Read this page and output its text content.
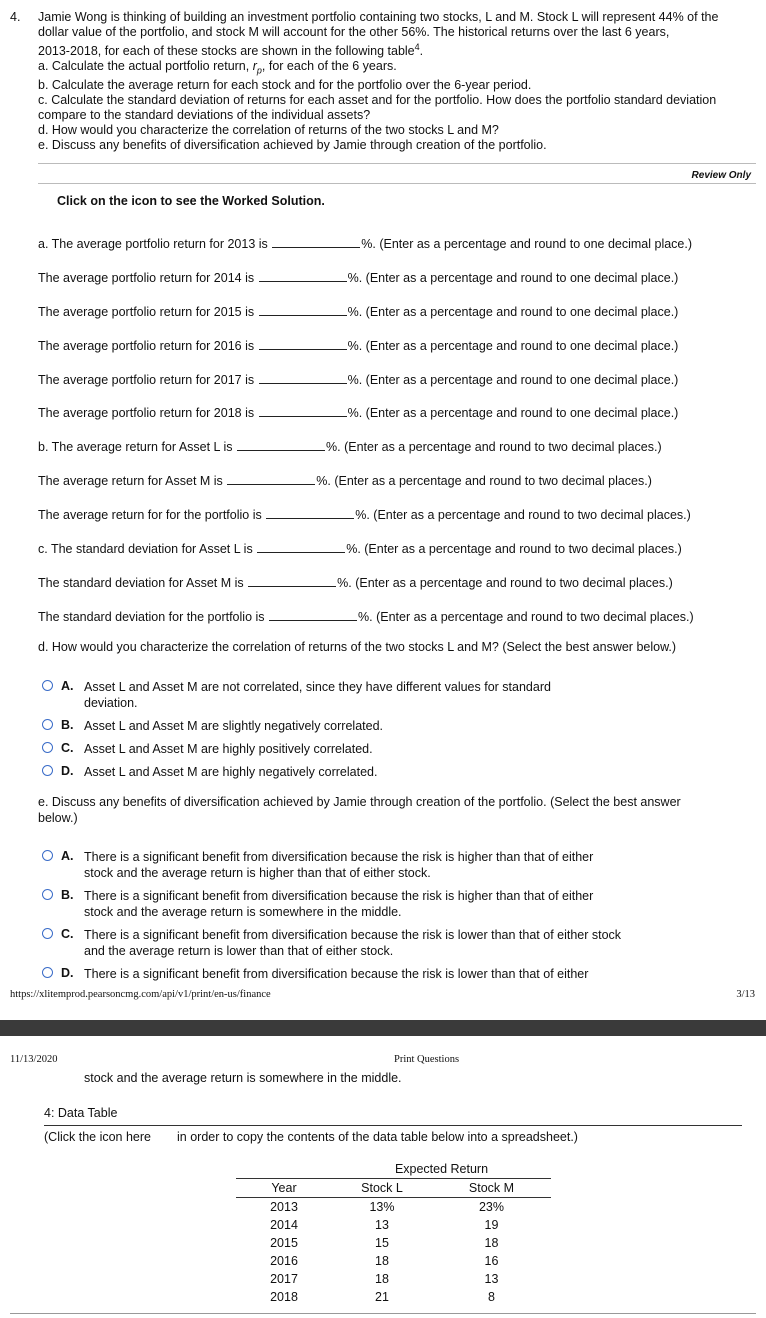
4. Jamie Wong is thinking of building an investment portfolio containing two stocks, L and M. Stock L will represent 44% of the
dollar value of the portfolio, and stock M will account for the other 56%. The historical returns over the last 6 years,
2013-2018, for each of these stocks are shown in the following table$^4$.
a. Calculate the actual portfolio return, $r_p$, for each of the 6 years.
b. Calculate the average return for each stock and for the portfolio over the 6-year period.
c. Calculate the standard deviation of returns for each asset and for the portfolio. How does the portfolio standard deviation
compare to the standard deviations of the individual assets?
d. How would you characterize the correlation of returns of the two stocks L and M?
e. Discuss any benefits of diversification achieved by Jamie through creation of the portfolio.
Review Only
Click on the icon to see the Worked Solution.
a. The average portfolio return for 2013 is	%. (Enter as a percentage and round to one decimal place.)
The average portfolio return for 2014 is	%. (Enter as a percentage and round to one decimal place.)
The average portfolio return for 2015 is	%. (Enter as a percentage and round to one decimal place.)
The average portfolio return for 2016 is	%. (Enter as a percentage and round to one decimal place.)
The average portfolio return for 2017 is	%. (Enter as a percentage and round to one decimal place.)
The average portfolio return for 2018 is	%. (Enter as a percentage and round to one decimal place.)
b. The average return for Asset L is	%. (Enter as a percentage and round to two decimal places.)
The average return for Asset M is	%. (Enter as a percentage and round to two decimal places.)
The average return for for the portfolio is	%. (Enter as a percentage and round to two decimal places.)
c. The standard deviation for Asset L is	%. (Enter as a percentage and round to two decimal places.)
The standard deviation for Asset M is	%. (Enter as a percentage and round to two decimal places.)
The standard deviation for the portfolio is	%. (Enter as a percentage and round to two decimal places.)
d. How would you characterize the correlation of returns of the two stocks L and M? (Select the best answer below.)
A. Asset L and Asset M are not correlated, since they have different values for standard deviation.
B. Asset L and Asset M are slightly negatively correlated.
C. Asset L and Asset M are highly positively correlated.
D. Asset L and Asset M are highly negatively correlated.
e. Discuss any benefits of diversification achieved by Jamie through creation of the portfolio. (Select the best answer
below.)
A. There is a significant benefit from diversification because the risk is higher than that of either stock and the average return is higher than that of either stock.
B. There is a significant benefit from diversification because the risk is higher than that of either stock and the average return is somewhere in the middle.
C. There is a significant benefit from diversification because the risk is lower than that of either stock and the average return is lower than that of either stock.
D. There is a significant benefit from diversification because the risk is lower than that of either
https://xlitemprod.pearsoncmg.com/api/v1/print/en-us/finance	3/13
11/13/2020	Print Questions
stock and the average return is somewhere in the middle.
4: Data Table
(Click the icon here in order to copy the contents of the data table below into a spreadsheet.)
	Expected Return	
Year	Stock L	Stock M
2013	13%	23%
2014	13	19
2015	15	18
2016	18	16
2017	18	13
2018	21	8
